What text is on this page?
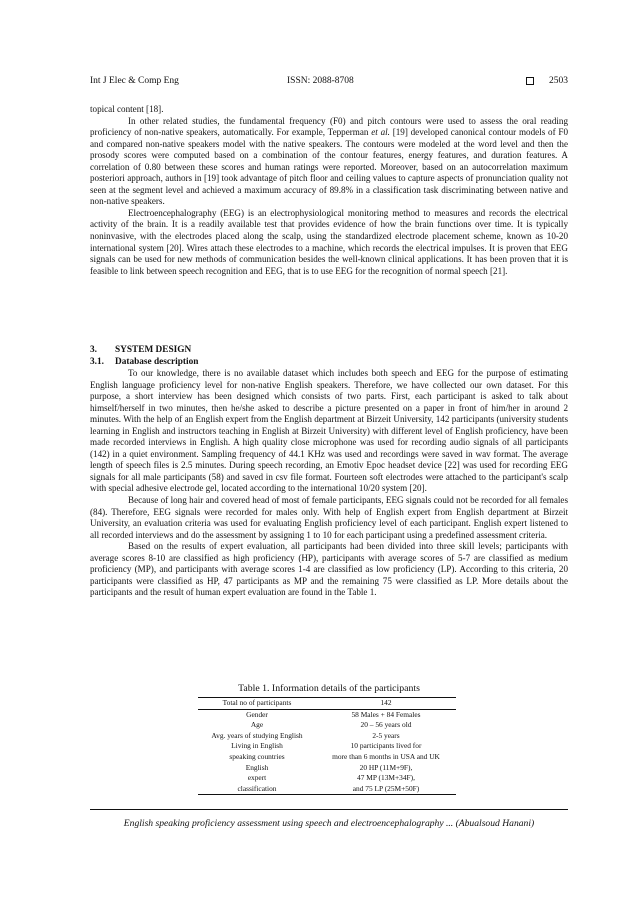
Int J Elec & Comp Eng	ISSN: 2088-8708	2503

topical content [18].

In other related studies, the fundamental frequency (F0) and pitch contours were used to assess the oral reading proficiency of non-native speakers, automatically. For example, Tepperman et al. [19] developed canonical contour models of F0 and compared non-native speakers model with the native speakers. The contours were modeled at the word level and then the prosody scores were computed based on a combination of the contour features, energy features, and duration features. A correlation of 0.80 between these scores and human ratings were reported. Moreover, based on an autocorrelation maximum posteriori approach, authors in [19] took advantage of pitch floor and ceiling values to capture aspects of pronunciation quality not seen at the segment level and achieved a maximum accuracy of 89.8% in a classification task discriminating between native and non-native speakers.

Electroencephalography (EEG) is an electrophysiological monitoring method to measures and records the electrical activity of the brain. It is a readily available test that provides evidence of how the brain functions over time. It is typically noninvasive, with the electrodes placed along the scalp, using the standardized electrode placement scheme, known as 10-20 international system [20]. Wires attach these electrodes to a machine, which records the electrical impulses. It is proven that EEG signals can be used for new methods of communication besides the well-known clinical applications. It has been proven that it is feasible to link between speech recognition and EEG, that is to use EEG for the recognition of normal speech [21].

3. SYSTEM DESIGN
3.1. Database description

To our knowledge, there is no available dataset which includes both speech and EEG for the purpose of estimating English language proficiency level for non-native English speakers. Therefore, we have collected our own dataset. For this purpose, a short interview has been designed which consists of two parts. First, each participant is asked to talk about himself/herself in two minutes, then he/she asked to describe a picture presented on a paper in front of him/her in around 2 minutes. With the help of an English expert from the English department at Birzeit University, 142 participants (university students learning in English and instructors teaching in English at Birzeit University) with different level of English proficiency, have been made recorded interviews in English. A high quality close microphone was used for recording audio signals of all participants (142) in a quiet environment. Sampling frequency of 44.1 KHz was used and recordings were saved in wav format. The average length of speech files is 2.5 minutes. During speech recording, an Emotiv Epoc headset device [22] was used for recording EEG signals for all male participants (58) and saved in csv file format. Fourteen soft electrodes were attached to the participant's scalp with special adhesive electrode gel, located according to the international 10/20 system [20].

Because of long hair and covered head of most of female participants, EEG signals could not be recorded for all females (84). Therefore, EEG signals were recorded for males only. With help of English expert from English department at Birzeit University, an evaluation criteria was used for evaluating English proficiency level of each participant. English expert listened to all recorded interviews and do the assessment by assigning 1 to 10 for each participant using a predefined assessment criteria.

Based on the results of expert evaluation, all participants had been divided into three skill levels; participants with average scores 8-10 are classified as high proficiency (HP), participants with average scores of 5-7 are classified as medium proficiency (MP), and participants with average scores 1-4 are classified as low proficiency (LP). According to this criteria, 20 participants were classified as HP, 47 participants as MP and the remaining 75 were classified as LP. More details about the participants and the result of human expert evaluation are found in the Table 1.

Table 1. Information details of the participants
Total no of participants	142
Gender	58 Males + 84 Females
Age	20 – 56 years old
Avg. years of studying English	2-5 years
Living in English	10 participants lived for
speaking countries	more than 6 months in USA and UK
English	20 HP (11M+9F),
expert	47 MP (13M+34F),
classification	and 75 LP (25M+50F)
English speaking proficiency assessment using speech and electroencephalography ... (Abualsoud Hanani)
